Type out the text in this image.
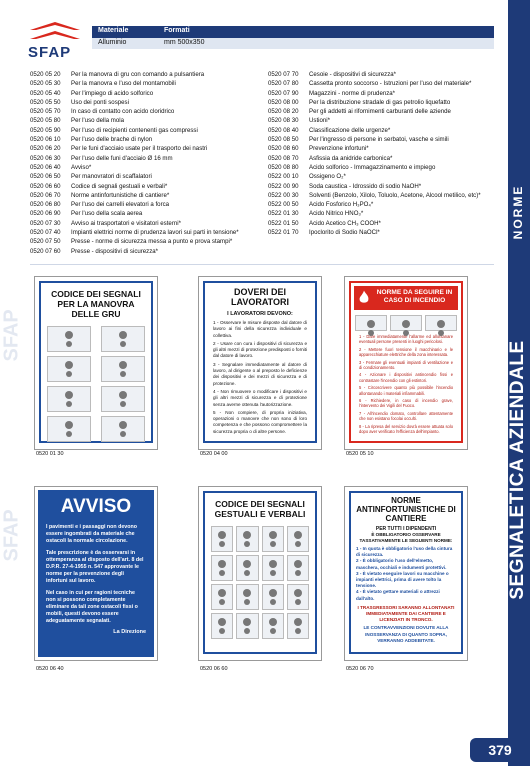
SFAP
SFAP
SFAP
Materiale	Formati
Alluminio	mm 500x350
0520 05 20	Per la manovra di gru con comando a pulsantiera
0520 05 30	Per la manovra e l'uso del montamobili
0520 05 40	Per l'impiego di acido solforico
0520 05 50	Uso dei ponti sospesi
0520 05 70	In caso di contatto con acido cloridrico
0520 05 80	Per l'uso della mola
0520 05 90	Per l'uso di recipienti contenenti gas compressi
0520 06 10	Per l'uso delle brache di nylon
0520 06 20	Per le funi d'acciaio usate per il trasporto dei nastri
0520 06 30	Per l'uso delle funi d'acciaio Ø 16 mm
0520 06 40	Avviso*
0520 06 50	Per manovratori di scaffalatori
0520 06 60	Codice di segnali gestuali e verbali*
0520 06 70	Norme antinfortunistiche di cantiere*
0520 06 80	Per l'uso dei carrelli elevatori a forca
0520 06 90	Per l'uso della scala aerea
0520 07 30	Avviso ai trasportatori e visitatori esterni*
0520 07 40	Impianti elettrici norme di prudenza lavori sui parti in tensione*
0520 07 50	Presse - norme di sicurezza messa a punto e prova stampi*
0520 07 60	Presse - dispositivi di sicurezza*
0520 07 70	Cesoie - dispositivi di sicurezza*
0520 07 80	Cassetta pronto soccorso - Istruzioni per l'uso del materiale*
0520 07 90	Magazzini - norme di prudenza*
0520 08 00	Per la distribuzione stradale di gas petrolio liquefatto
0520 08 20	Per gli addetti ai rifornimenti carburanti delle aziende
0520 08 30	Ustioni*
0520 08 40	Classificazione delle urgenze*
0520 08 50	Per l'ingresso di persone in serbatoi, vasche e simili
0520 08 60	Prevenzione infortuni*
0520 08 70	Asfissia da anidride carbonica*
0520 08 80	Acido solforico - Immagazzinamento e impiego
0522 00 10	Ossigeno O₂*
0522 00 90	Soda caustica - Idrossido di sodio NaOH*
0522 00 30	Solventi (Benzolo, Xilolo, Toluolo, Acetone, Alcool metilico, etc)*
0522 00 50	Acido Fosforico H₃PO₄*
0522 01 30	Acido Nitrico HNO₃*
0522 01 50	Acido Acetico CH₃ COOH*
0522 01 70	Ipoclorito di Sodio NaOCl*
CODICE DEI SEGNALI PER LA MANOVRA DELLE GRU
0520 01 30
DOVERI DEI LAVORATORI
I LAVORATORI DEVONO:

1 - Osservare le misure disposte dal datore di lavoro ai fini della sicurezza individuale e collettiva.

2 - Usare con cura i dispositivi di sicurezza e gli altri mezzi di protezione predisposti o forniti dal datore di lavoro.

3 - Segnalare immediatamente al datore di lavoro, al dirigente o al preposto le deficienze dei dispositivi e dei mezzi di sicurezza e di protezione.

4 - Non rimuovere o modificare i dispositivi e gli altri mezzi di sicurezza e di protezione senza averne ottenuta l'autorizzazione.

5 - Non compiere, di propria iniziativa, operazioni o manovre che non sono di loro competenza e che possono compromettere la sicurezza propria o di altre persone.

0520 04 00
NORME DA SEGUIRE IN CASO DI INCENDIO

1 - Dare immediatamente l'allarme ed allontanare eventuali persone presenti in luoghi pericolosi.

2 - Mettere fuori tensione il macchinario e le apparecchiature elettriche della zona interessata.

3 - Fermare gli eventuali impianti di ventilazione e di condizionamento.

4 - Azionare i dispositivi antincendio fissi e contrastare l'incendio con gli estintori.

5 - Circoscrivere quanto più possibile l'incendio allontanando i materiali infiammabili.

6 - Richiedere, in caso di incendio grave, l'intervento dei Vigili del Fuoco.

7 - All'incendio domato, controllare attentamente che non esistano focolai occulti.

8 - La ripresa del servizio dovrà essere attuata solo dopo aver verificato l'efficienza dell'impianto.

0520 05 10
AVVISO

I pavimenti e i passaggi non devono essere ingombrati da materiale che ostacoli la normale circolazione.

Tale prescrizione è da osservarsi in ottemperanza al disposto dell'art. 8 del D.P.R. 27-4-1955 n. 547 approvante le norme per la prevenzione degli infortuni sul lavoro.

Nel caso in cui per ragioni tecniche non si possono completamente eliminare da tali zone ostacoli fissi o mobili, questi devono essere adeguatamente segnalati.

La Direzione
0520 06 40
CODICE DEI SEGNALI GESTUALI E VERBALI
0520 06 60
NORME ANTINFORTUNISTICHE DI CANTIERE
PER TUTTI I DIPENDENTI
È OBBLIGATORIO OSSERVARE TASSATIVAMENTE LE SEGUENTI NORME:

1 - In quota è obbligatorio l'uso della cintura di sicurezza.

2 - È obbligatorio l'uso dell'elmetto, maschera, occhiali e indumenti protettivi.

3 - È vietato eseguire lavori su macchine o impianti elettrici, prima di avere tolto la tensione.

4 - È vietato gettare materiali o attrezzi dall'alto.

I TRASGRESSORI SARANNO ALLONTANATI IMMEDIATAMENTE DAI CANTIERE E LICENZIATI IN TRONCO.
LE CONTRAVVENZIONI DOVUTE ALLA INOSSERVANZA DI QUANTO SOPRA, VERRANNO ADDEBITATE.
0520 06 70
NORME
SEGNALETICA AZIENDALE
379
